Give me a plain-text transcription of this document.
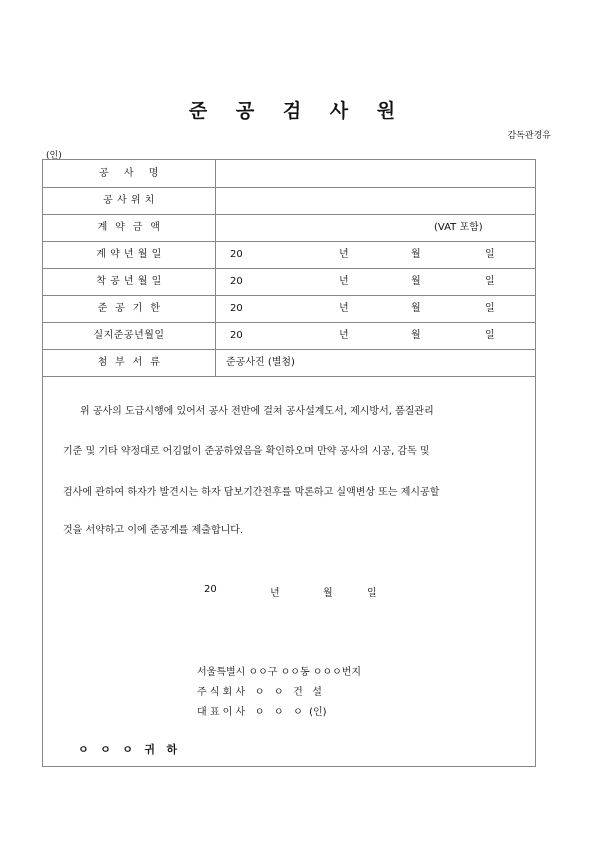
준 공 검 사 원
감독관경유
(인)
공    사    명
공 사 위 치
계  약  금  액	(VAT 포함)
계 약 년 월 일	20	년	월	일
착 공 년 월 일	20	년	월	일
준  공  기  한	20	년	월	일
실지준공년월일	20	년	월	일
첨  부  서  류	준공사진 (별첨)
위 공사의 도급시행에 있어서 공사 전반에 걸쳐 공사설계도서, 제시방서, 품질관리
기준 및 기타 약정대로 어김없이 준공하였음을 확인하오며 만약 공사의 시공, 감독 및
검사에 관하여 하자가 발견시는 하자 담보기간전후를 막론하고 실액변상 또는 제시공할
것을 서약하고 이에 준공계를 제출합니다.
20	년	월	일
서울특별시 ㅇㅇ구 ㅇㅇ동 ㅇㅇㅇ번지
주 식 회 사   ㅇ   ㅇ   건   설
대 표 이 사   ㅇ   ㅇ   ㅇ  (인)
ㅇ   ㅇ   ㅇ   귀   하
